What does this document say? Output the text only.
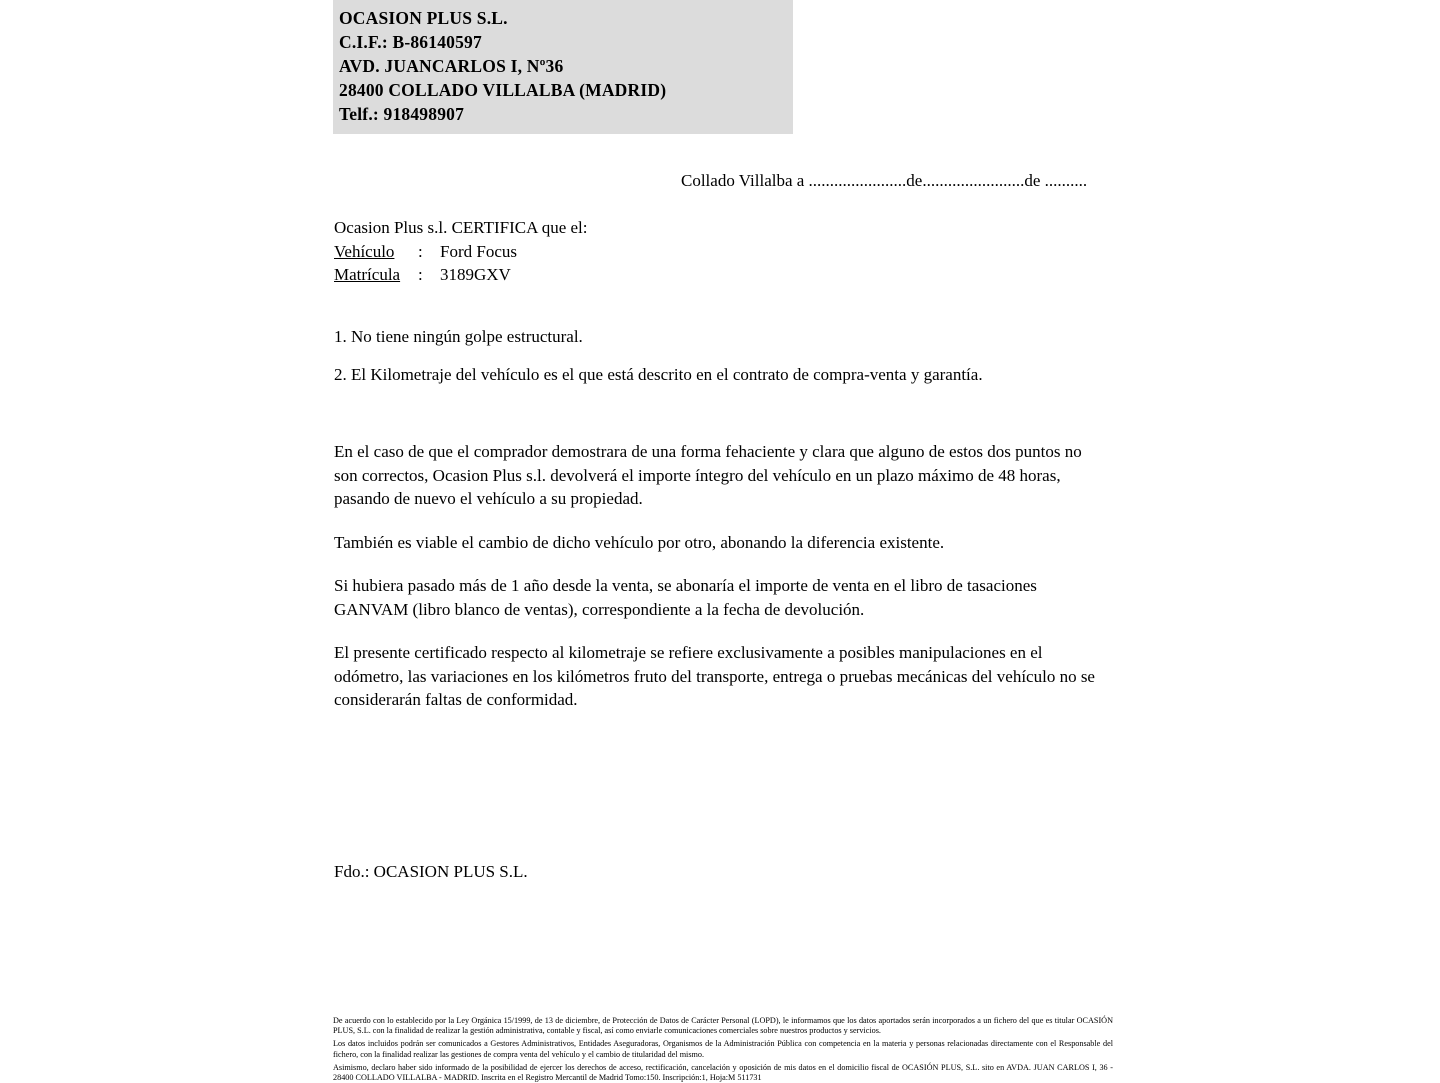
OCASION PLUS S.L.
C.I.F.: B-86140597
AVD. JUANCARLOS I, Nº36
28400 COLLADO VILLALBA (MADRID)
Telf.: 918498907
Collado Villalba a .......................de........................de ..........
Ocasion Plus s.l. CERTIFICA que el:
Vehículo	:	Ford Focus
Matrícula	:	3189GXV
1. No tiene ningún golpe estructural.
2. El Kilometraje del vehículo es el que está descrito en el contrato de compra-venta y garantía.

En el caso de que el comprador demostrara de una forma fehaciente y clara que alguno de estos dos puntos no son correctos, Ocasion Plus s.l. devolverá el importe íntegro del vehículo en un plazo máximo de 48 horas, pasando de nuevo el vehículo a su propiedad.

También es viable el cambio de dicho vehículo por otro, abonando la diferencia existente.

Si hubiera pasado más de 1 año desde la venta, se abonaría el importe de venta en el libro de tasaciones GANVAM (libro blanco de ventas), correspondiente a la fecha de devolución.

El presente certificado respecto al kilometraje se refiere exclusivamente a posibles manipulaciones en el odómetro, las variaciones en los kilómetros fruto del transporte, entrega o pruebas mecánicas del vehículo no se considerarán faltas de conformidad.

Fdo.: OCASION PLUS S.L.

De acuerdo con lo establecido por la Ley Orgánica 15/1999, de 13 de diciembre, de Protección de Datos de Carácter Personal (LOPD), le informamos que los datos aportados serán incorporados a un fichero del que es titular OCASIÓN PLUS, S.L. con la finalidad de realizar la gestión administrativa, contable y fiscal, así como enviarle comunicaciones comerciales sobre nuestros productos y servicios.

Los datos incluidos podrán ser comunicados a Gestores Administrativos, Entidades Aseguradoras, Organismos de la Administración Pública con competencia en la materia y personas relacionadas directamente con el Responsable del fichero, con la finalidad realizar las gestiones de compra venta del vehículo y el cambio de titularidad del mismo.

Asimismo, declaro haber sido informado de la posibilidad de ejercer los derechos de acceso, rectificación, cancelación y oposición de mis datos en el domicilio fiscal de OCASIÓN PLUS, S.L. sito en AVDA. JUAN CARLOS I, 36 - 28400 COLLADO VILLALBA - MADRID. Inscrita en el Registro Mercantil de Madrid Tomo:150. Inscripción:1, Hoja:M 511731
